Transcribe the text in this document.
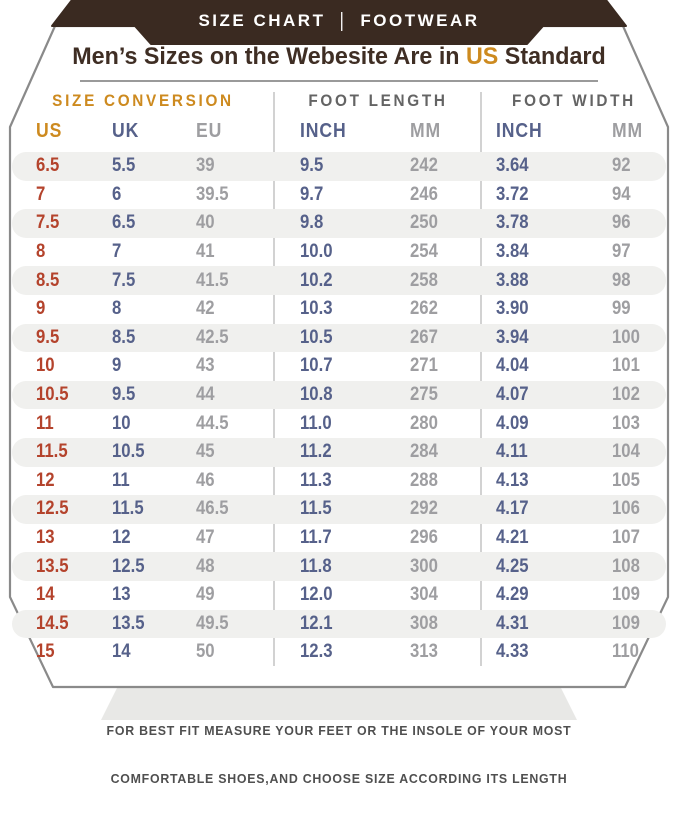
SIZE CHART | FOOTWEAR
Men’s Sizes on the Webesite Are in US Standard
SIZE CONVERSION	FOOT LENGTH	FOOT WIDTH
US	UK	EU	INCH	MM	INCH	MM
6.5	5.5	39	9.5	242	3.64	92
7	6	39.5	9.7	246	3.72	94
7.5	6.5	40	9.8	250	3.78	96
8	7	41	10.0	254	3.84	97
8.5	7.5	41.5	10.2	258	3.88	98
9	8	42	10.3	262	3.90	99
9.5	8.5	42.5	10.5	267	3.94	100
10	9	43	10.7	271	4.04	101
10.5	9.5	44	10.8	275	4.07	102
11	10	44.5	11.0	280	4.09	103
11.5	10.5	45	11.2	284	4.11	104
12	11	46	11.3	288	4.13	105
12.5	11.5	46.5	11.5	292	4.17	106
13	12	47	11.7	296	4.21	107
13.5	12.5	48	11.8	300	4.25	108
14	13	49	12.0	304	4.29	109
14.5	13.5	49.5	12.1	308	4.31	109
15	14	50	12.3	313	4.33	110

FOR BEST FIT MEASURE YOUR FEET OR THE INSOLE OF YOUR MOST

COMFORTABLE SHOES,AND CHOOSE SIZE ACCORDING ITS LENGTH
